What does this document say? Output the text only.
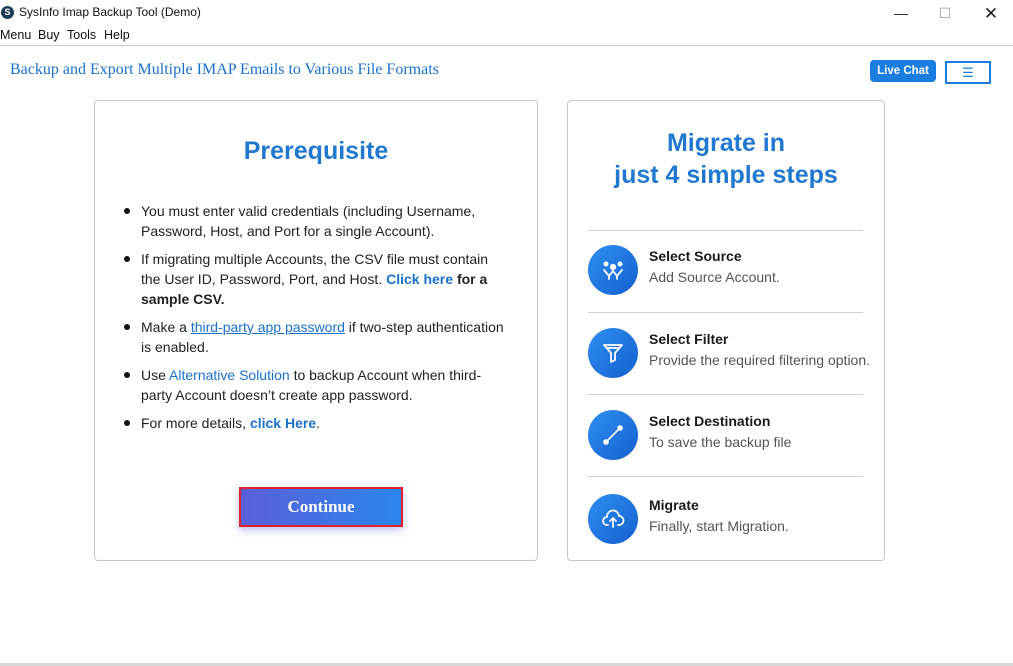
S SysInfo Imap Backup Tool (Demo)	—	☐	✕
Menu Buy Tools Help
Backup and Export Multiple IMAP Emails to Various File Formats	Live Chat	☰
Prerequisite
You must enter valid credentials (including Username, Password, Host, and Port for a single Account).
If migrating multiple Accounts, the CSV file must contain the User ID, Password, Port, and Host. Click here for a sample CSV.
Make a third-party app password if two-step authentication is enabled.
Use Alternative Solution to backup Account when third-party Account doesn’t create app password.
For more details, click Here.
Continue
Migrate in
just 4 simple steps
Select Source
Add Source Account.
Select Filter
Provide the required filtering option.
Select Destination
To save the backup file
Migrate
Finally, start Migration.
